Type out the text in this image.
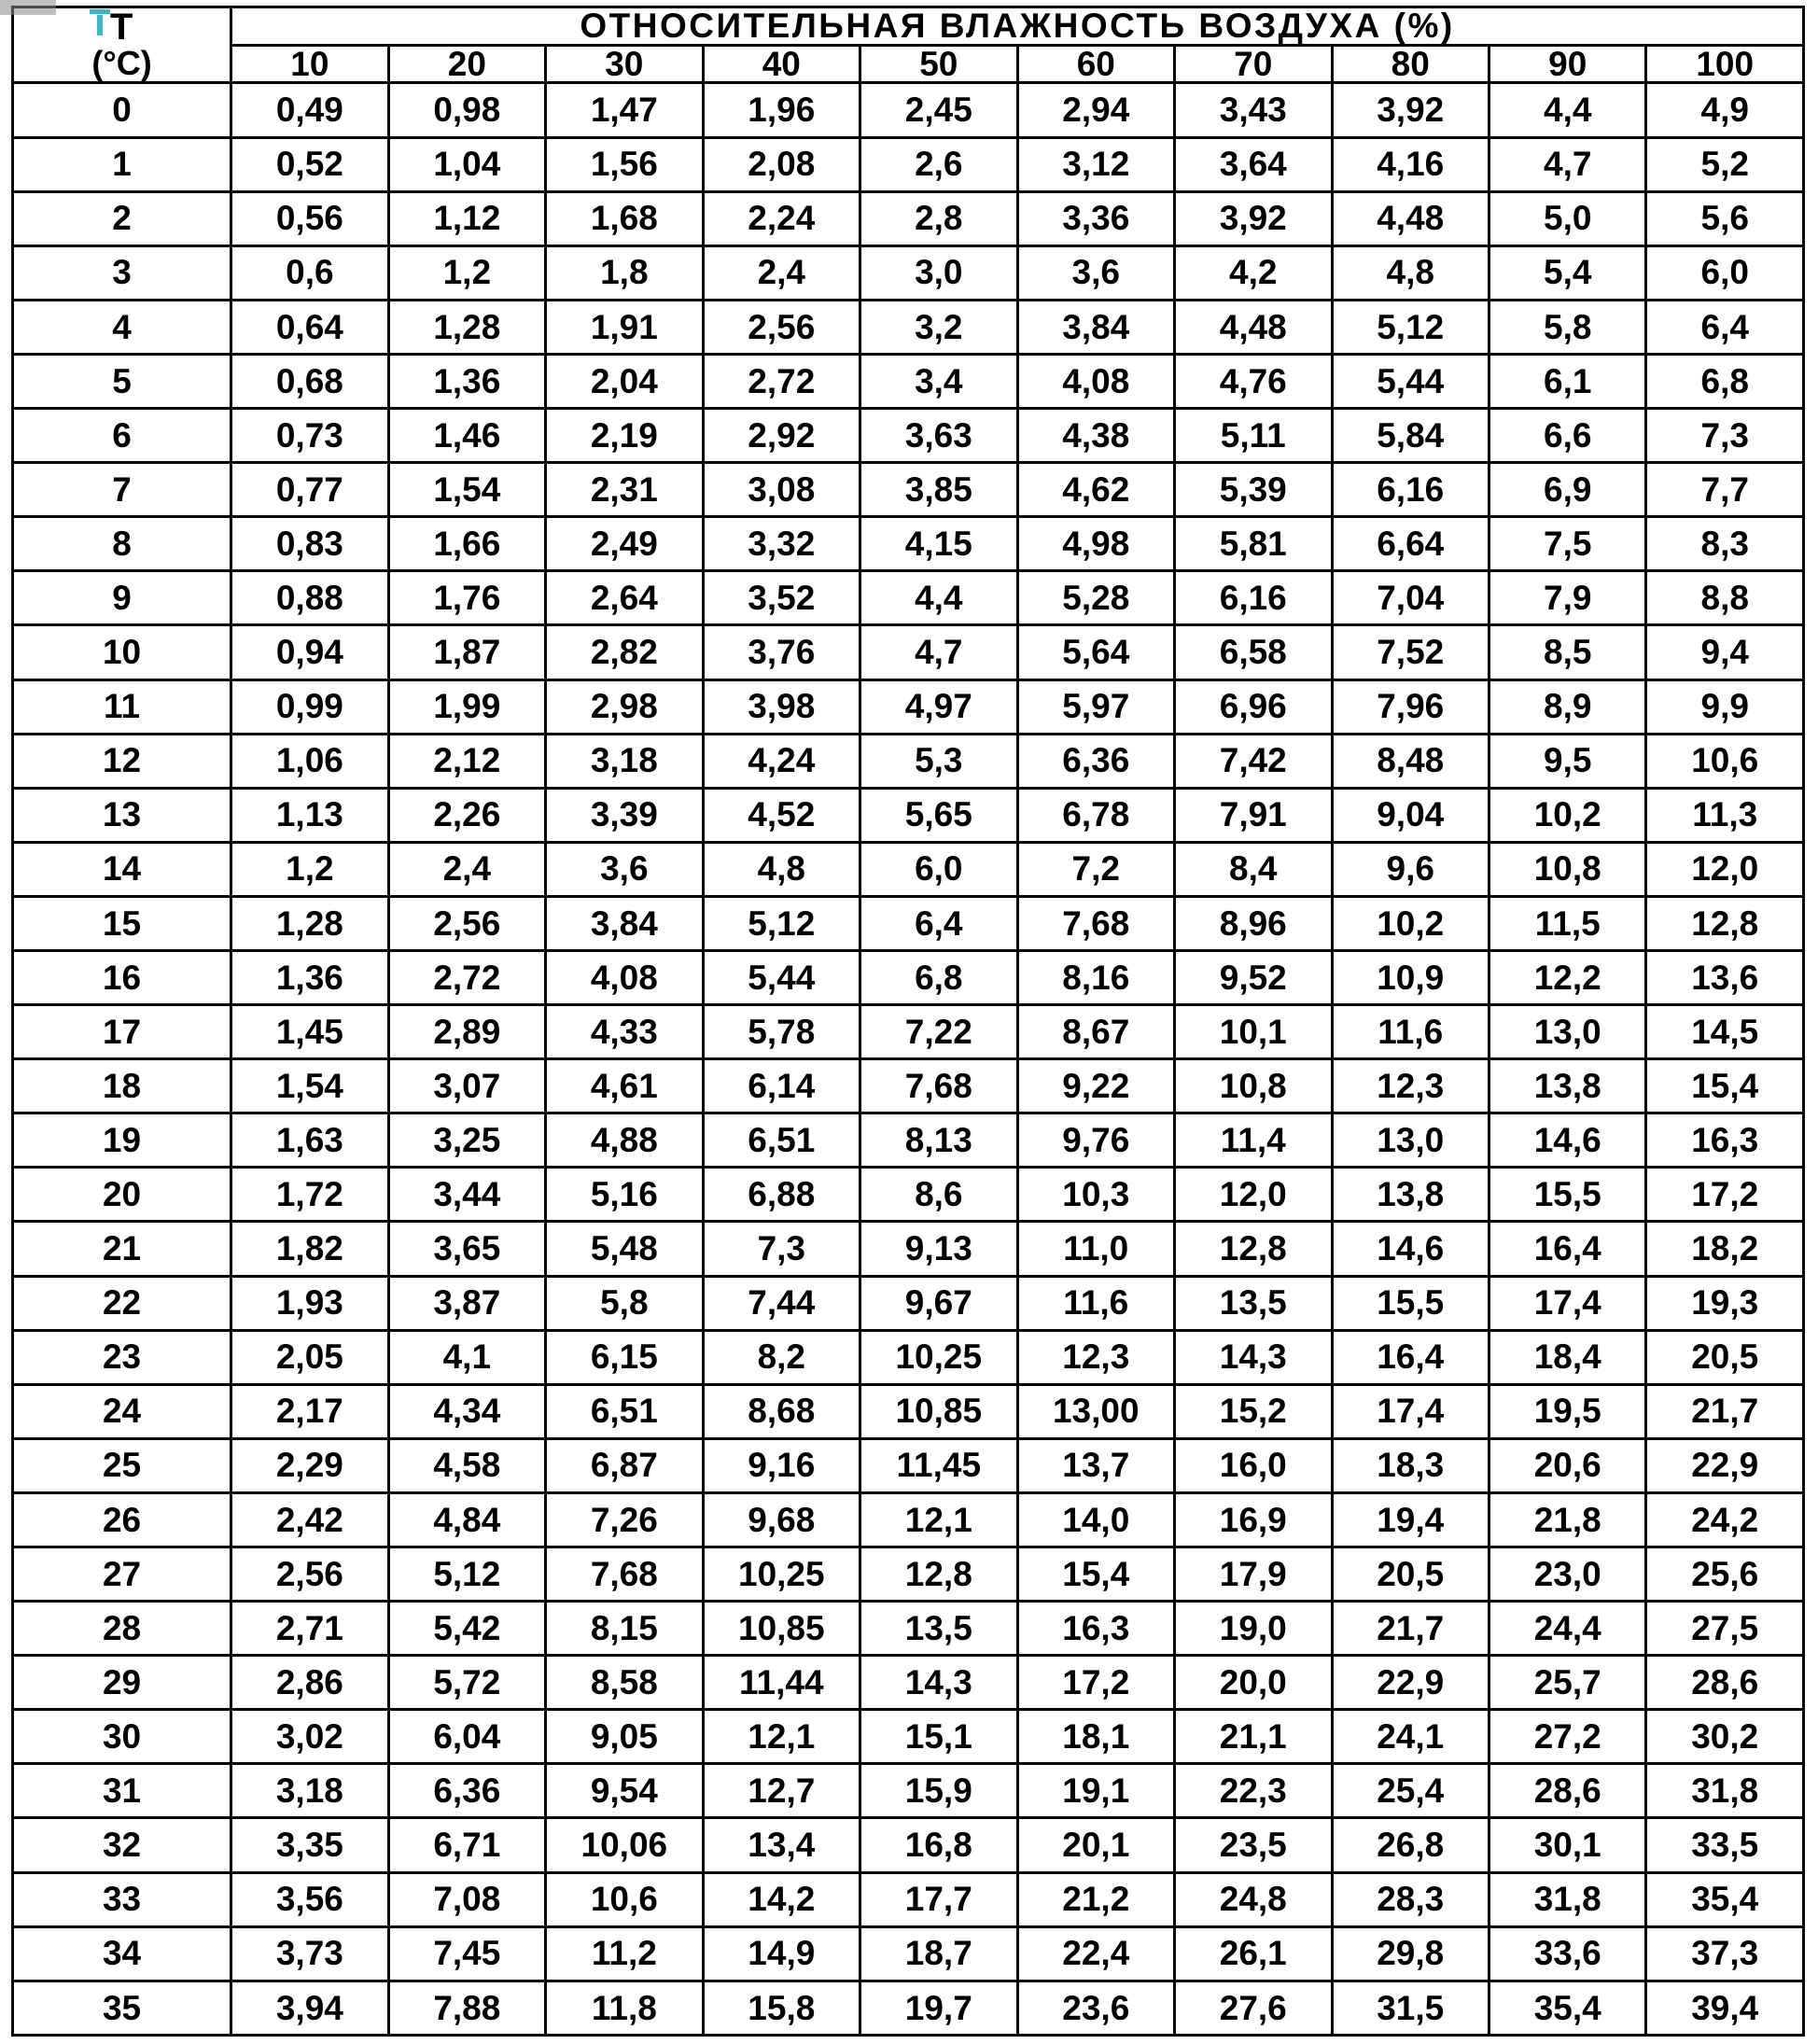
T
(°C)	ОТНОСИТЕЛЬНАЯ ВЛАЖНОСТЬ ВОЗДУХА (%)									
	10	20	30	40	50	60	70	80	90	100
0	0,49	0,98	1,47	1,96	2,45	2,94	3,43	3,92	4,4	4,9
1	0,52	1,04	1,56	2,08	2,6	3,12	3,64	4,16	4,7	5,2
2	0,56	1,12	1,68	2,24	2,8	3,36	3,92	4,48	5,0	5,6
3	0,6	1,2	1,8	2,4	3,0	3,6	4,2	4,8	5,4	6,0
4	0,64	1,28	1,91	2,56	3,2	3,84	4,48	5,12	5,8	6,4
5	0,68	1,36	2,04	2,72	3,4	4,08	4,76	5,44	6,1	6,8
6	0,73	1,46	2,19	2,92	3,63	4,38	5,11	5,84	6,6	7,3
7	0,77	1,54	2,31	3,08	3,85	4,62	5,39	6,16	6,9	7,7
8	0,83	1,66	2,49	3,32	4,15	4,98	5,81	6,64	7,5	8,3
9	0,88	1,76	2,64	3,52	4,4	5,28	6,16	7,04	7,9	8,8
10	0,94	1,87	2,82	3,76	4,7	5,64	6,58	7,52	8,5	9,4
11	0,99	1,99	2,98	3,98	4,97	5,97	6,96	7,96	8,9	9,9
12	1,06	2,12	3,18	4,24	5,3	6,36	7,42	8,48	9,5	10,6
13	1,13	2,26	3,39	4,52	5,65	6,78	7,91	9,04	10,2	11,3
14	1,2	2,4	3,6	4,8	6,0	7,2	8,4	9,6	10,8	12,0
15	1,28	2,56	3,84	5,12	6,4	7,68	8,96	10,2	11,5	12,8
16	1,36	2,72	4,08	5,44	6,8	8,16	9,52	10,9	12,2	13,6
17	1,45	2,89	4,33	5,78	7,22	8,67	10,1	11,6	13,0	14,5
18	1,54	3,07	4,61	6,14	7,68	9,22	10,8	12,3	13,8	15,4
19	1,63	3,25	4,88	6,51	8,13	9,76	11,4	13,0	14,6	16,3
20	1,72	3,44	5,16	6,88	8,6	10,3	12,0	13,8	15,5	17,2
21	1,82	3,65	5,48	7,3	9,13	11,0	12,8	14,6	16,4	18,2
22	1,93	3,87	5,8	7,44	9,67	11,6	13,5	15,5	17,4	19,3
23	2,05	4,1	6,15	8,2	10,25	12,3	14,3	16,4	18,4	20,5
24	2,17	4,34	6,51	8,68	10,85	13,00	15,2	17,4	19,5	21,7
25	2,29	4,58	6,87	9,16	11,45	13,7	16,0	18,3	20,6	22,9
26	2,42	4,84	7,26	9,68	12,1	14,0	16,9	19,4	21,8	24,2
27	2,56	5,12	7,68	10,25	12,8	15,4	17,9	20,5	23,0	25,6
28	2,71	5,42	8,15	10,85	13,5	16,3	19,0	21,7	24,4	27,5
29	2,86	5,72	8,58	11,44	14,3	17,2	20,0	22,9	25,7	28,6
30	3,02	6,04	9,05	12,1	15,1	18,1	21,1	24,1	27,2	30,2
31	3,18	6,36	9,54	12,7	15,9	19,1	22,3	25,4	28,6	31,8
32	3,35	6,71	10,06	13,4	16,8	20,1	23,5	26,8	30,1	33,5
33	3,56	7,08	10,6	14,2	17,7	21,2	24,8	28,3	31,8	35,4
34	3,73	7,45	11,2	14,9	18,7	22,4	26,1	29,8	33,6	37,3
35	3,94	7,88	11,8	15,8	19,7	23,6	27,6	31,5	35,4	39,4
